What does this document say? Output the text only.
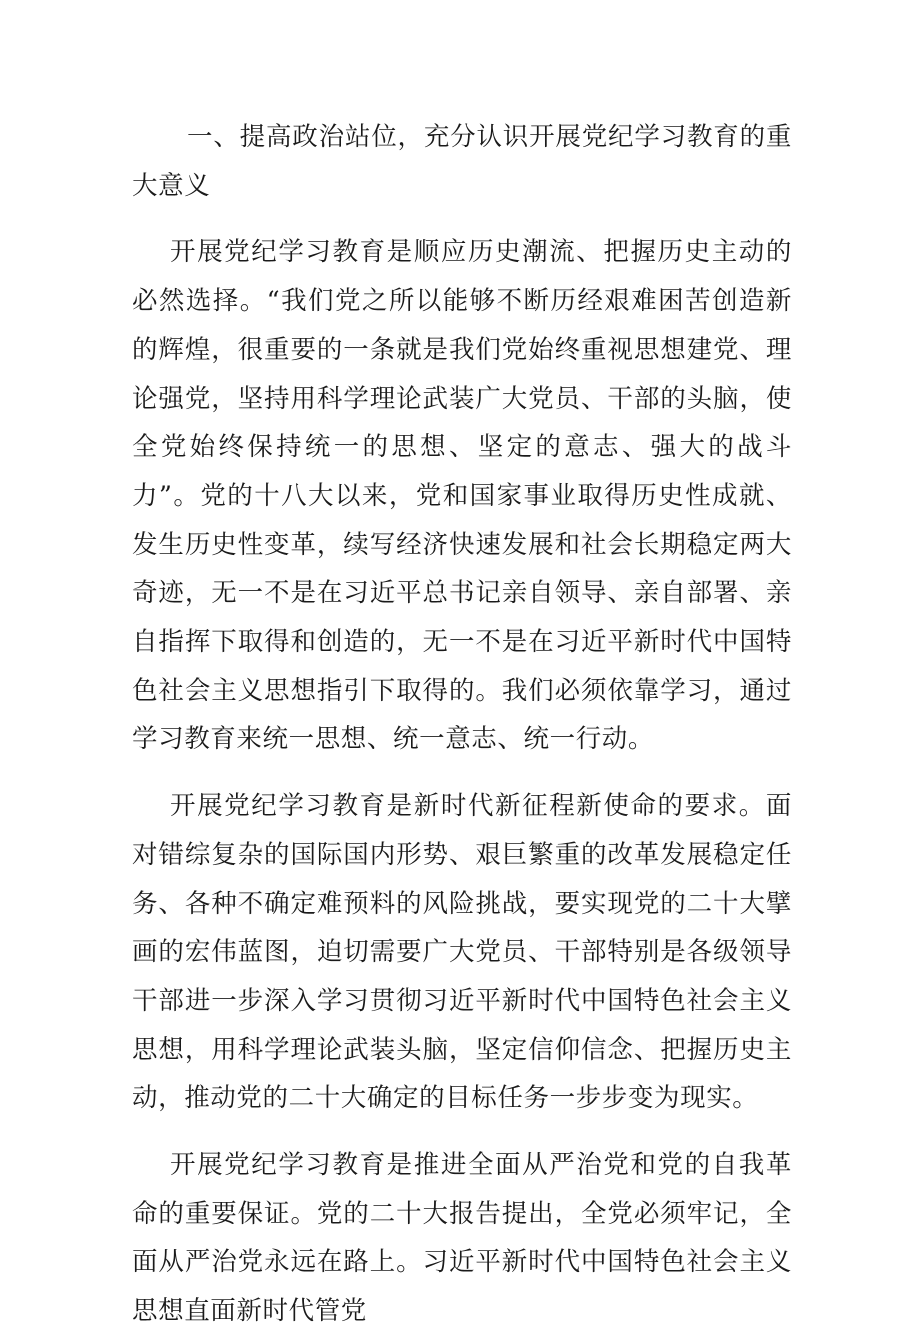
一、提高政治站位，充分认识开展党纪学习教育的重大意义

开展党纪学习教育是顺应历史潮流、把握历史主动的必然选择。“我们党之所以能够不断历经艰难困苦创造新的辉煌，很重要的一条就是我们党始终重视思想建党、理论强党，坚持用科学理论武装广大党员、干部的头脑，使全党始终保持统一的思想、坚定的意志、强大的战斗力”。党的十八大以来，党和国家事业取得历史性成就、发生历史性变革，续写经济快速发展和社会长期稳定两大奇迹，无一不是在习近平总书记亲自领导、亲自部署、亲自指挥下取得和创造的，无一不是在习近平新时代中国特色社会主义思想指引下取得的。我们必须依靠学习，通过学习教育来统一思想、统一意志、统一行动。

开展党纪学习教育是新时代新征程新使命的要求。面对错综复杂的国际国内形势、艰巨繁重的改革发展稳定任务、各种不确定难预料的风险挑战，要实现党的二十大擘画的宏伟蓝图，迫切需要广大党员、干部特别是各级领导干部进一步深入学习贯彻习近平新时代中国特色社会主义思想，用科学理论武装头脑，坚定信仰信念、把握历史主动，推动党的二十大确定的目标任务一步步变为现实。

开展党纪学习教育是推进全面从严治党和党的自我革命的重要保证。党的二十大报告提出，全党必须牢记，全面从严治党永远在路上。习近平新时代中国特色社会主义思想直面新时代管党
